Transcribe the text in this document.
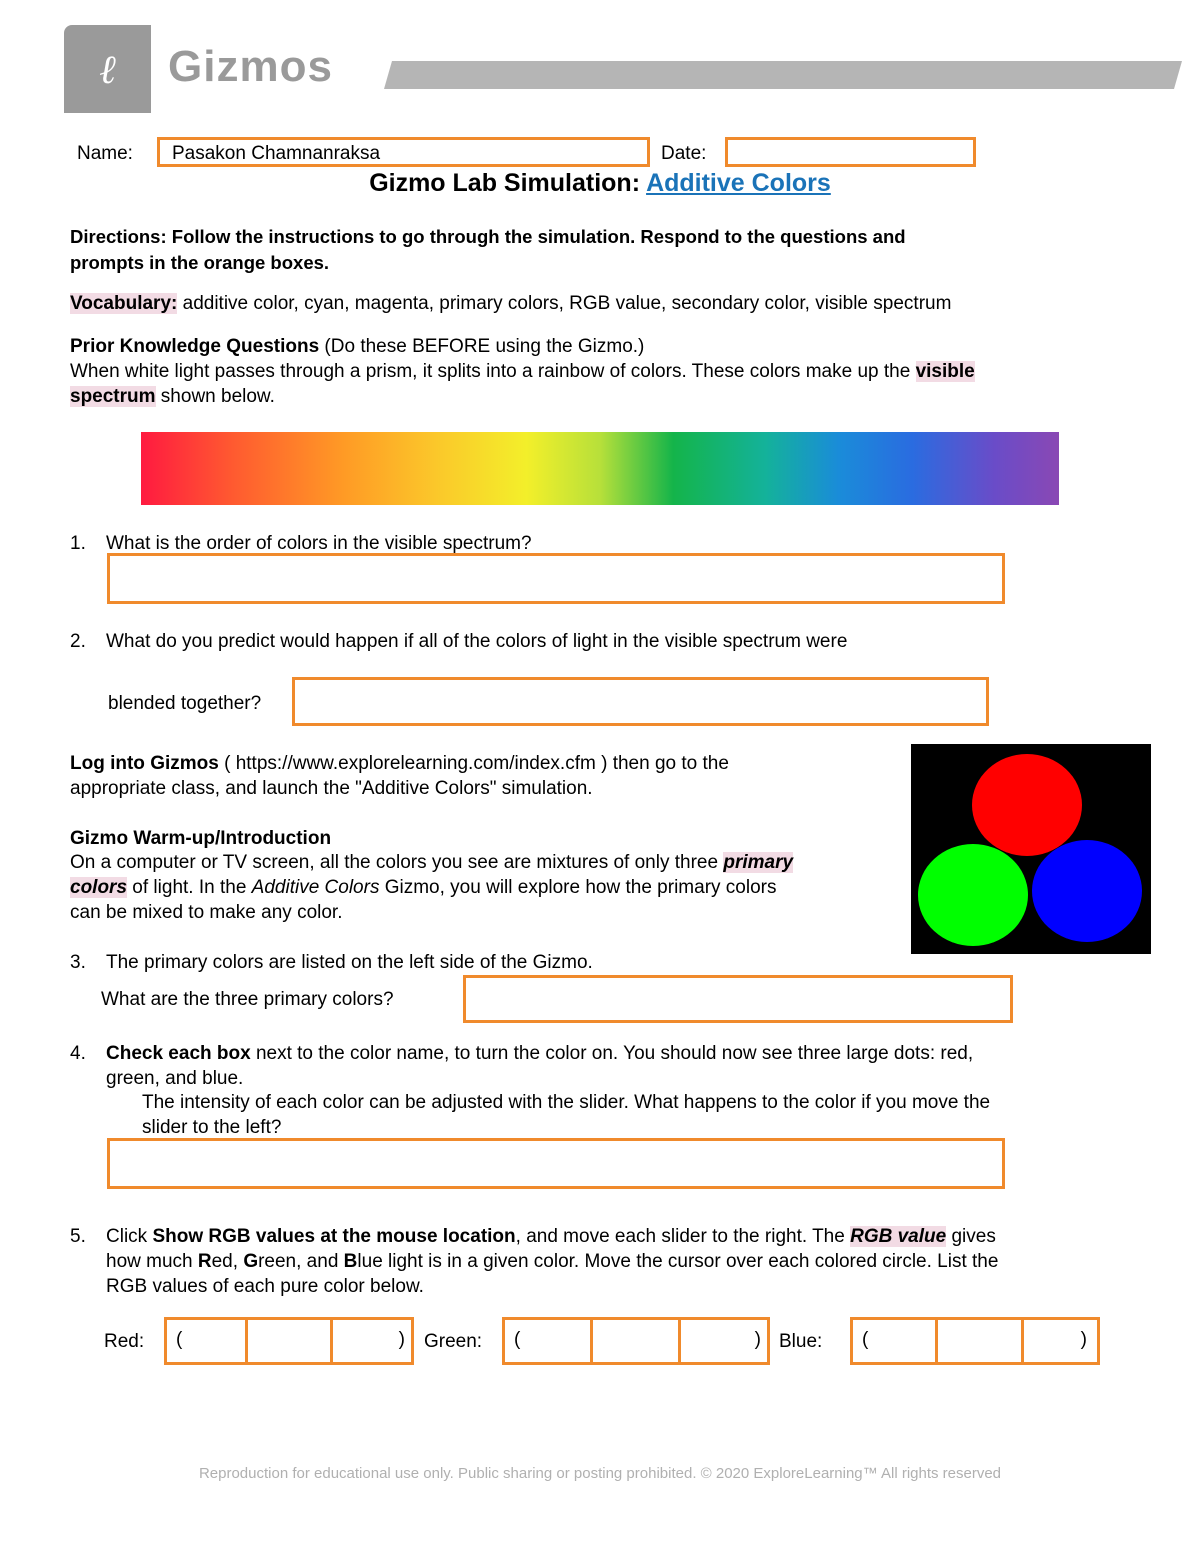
ℓ Gizmos
Name: Pasakon Chamnanraksa	Date:
Gizmo Lab Simulation: Additive Colors
Directions: Follow the instructions to go through the simulation. Respond to the questions and
prompts in the orange boxes.
Vocabulary: additive color, cyan, magenta, primary colors, RGB value, secondary color, visible spectrum
Prior Knowledge Questions (Do these BEFORE using the Gizmo.)
When white light passes through a prism, it splits into a rainbow of colors. These colors make up the visible
spectrum shown below.
1. What is the order of colors in the visible spectrum?
2. What do you predict would happen if all of the colors of light in the visible spectrum were
blended together?
Log into Gizmos ( https://www.explorelearning.com/index.cfm ) then go to the
appropriate class, and launch the "Additive Colors" simulation.
Gizmo Warm-up/Introduction
On a computer or TV screen, all the colors you see are mixtures of only three primary
colors of light. In the Additive Colors Gizmo, you will explore how the primary colors
can be mixed to make any color.
3. The primary colors are listed on the left side of the Gizmo.
What are the three primary colors?
4. Check each box next to the color name, to turn the color on. You should now see three large dots: red,
green, and blue.
The intensity of each color can be adjusted with the slider. What happens to the color if you move the
slider to the left?
5. Click Show RGB values at the mouse location, and move each slider to the right. The RGB value gives
how much Red, Green, and Blue light is in a given color. Move the cursor over each colored circle. List the
RGB values of each pure color below.
Red: (	) Green: (	) Blue: (	)
Reproduction for educational use only. Public sharing or posting prohibited. © 2020 ExploreLearning™ All rights reserved
